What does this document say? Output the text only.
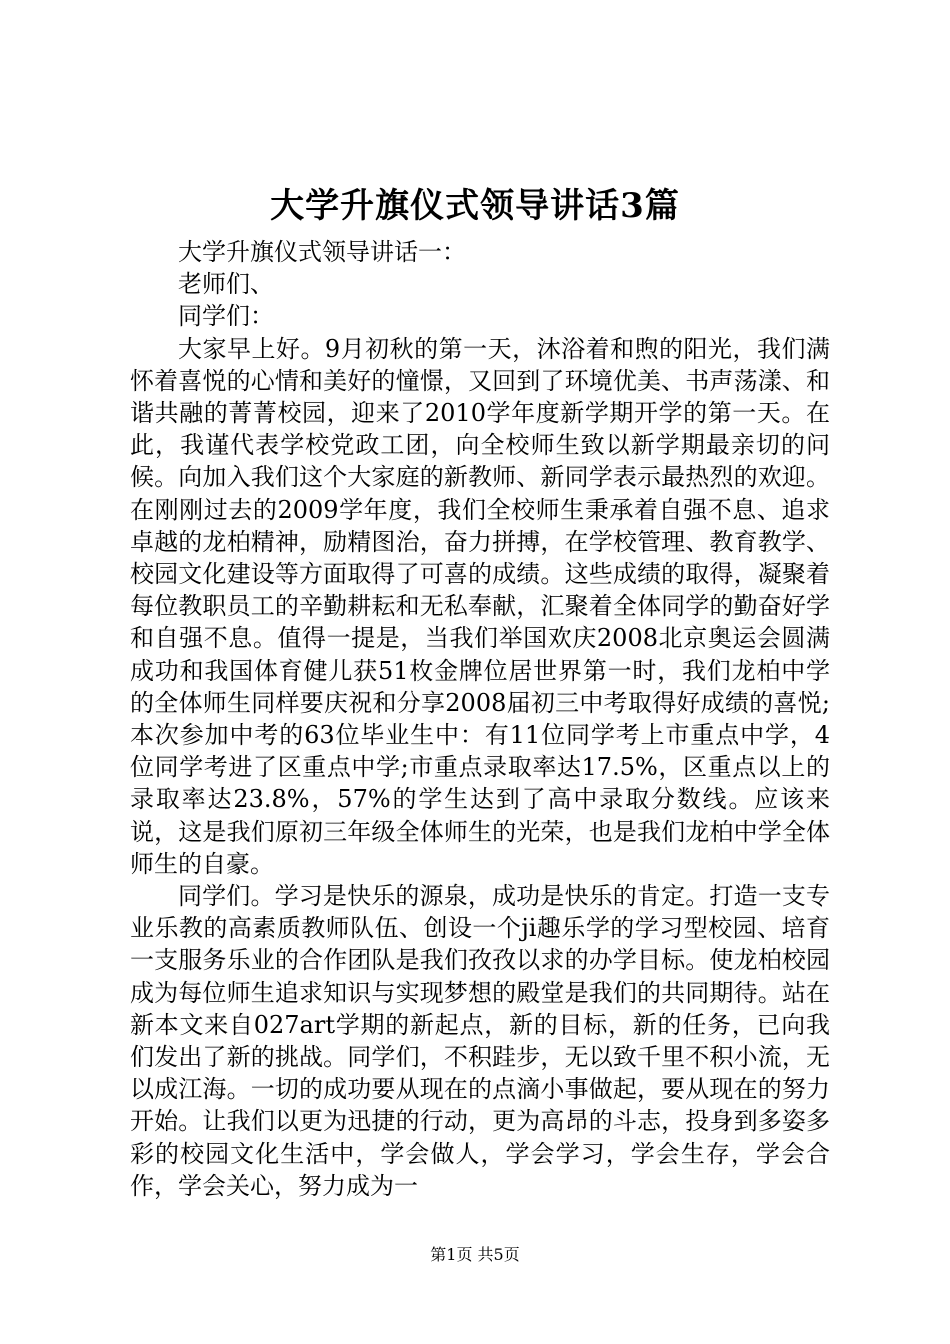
大学升旗仪式领导讲话3篇
大学升旗仪式领导讲话一：
老师们、
同学们：

大家早上好。9月初秋的第一天，沐浴着和煦的阳光，我们满怀着喜悦的心情和美好的憧憬，又回到了环境优美、书声荡漾、和谐共融的菁菁校园，迎来了2010学年度新学期开学的第一天。在此，我谨代表学校党政工团，向全校师生致以新学期最亲切的问候。向加入我们这个大家庭的新教师、新同学表示最热烈的欢迎。在刚刚过去的2009学年度，我们全校师生秉承着自强不息、追求卓越的龙柏精神，励精图治，奋力拼搏，在学校管理、教育教学、校园文化建设等方面取得了可喜的成绩。这些成绩的取得，凝聚着每位教职员工的辛勤耕耘和无私奉献，汇聚着全体同学的勤奋好学和自强不息。值得一提是，当我们举国欢庆2008北京奥运会圆满成功和我国体育健儿获51枚金牌位居世界第一时，我们龙柏中学的全体师生同样要庆祝和分享2008届初三中考取得好成绩的喜悦;本次参加中考的63位毕业生中：有11位同学考上市重点中学，4位同学考进了区重点中学;市重点录取率达17.5%，区重点以上的录取率达23.8%，57%的学生达到了高中录取分数线。应该来说，这是我们原初三年级全体师生的光荣，也是我们龙柏中学全体师生的自豪。

同学们。学习是快乐的源泉，成功是快乐的肯定。打造一支专业乐教的高素质教师队伍、创设一个ji趣乐学的学习型校园、培育一支服务乐业的合作团队是我们孜孜以求的办学目标。使龙柏校园成为每位师生追求知识与实现梦想的殿堂是我们的共同期待。站在新本文来自027art学期的新起点，新的目标，新的任务，已向我们发出了新的挑战。同学们，不积跬步，无以致千里不积小流，无以成江海。一切的成功要从现在的点滴小事做起，要从现在的努力开始。让我们以更为迅捷的行动，更为高昂的斗志，投身到多姿多彩的校园文化生活中，学会做人，学会学习，学会生存，学会合作，学会关心，努力成为一

第1页 共5页
